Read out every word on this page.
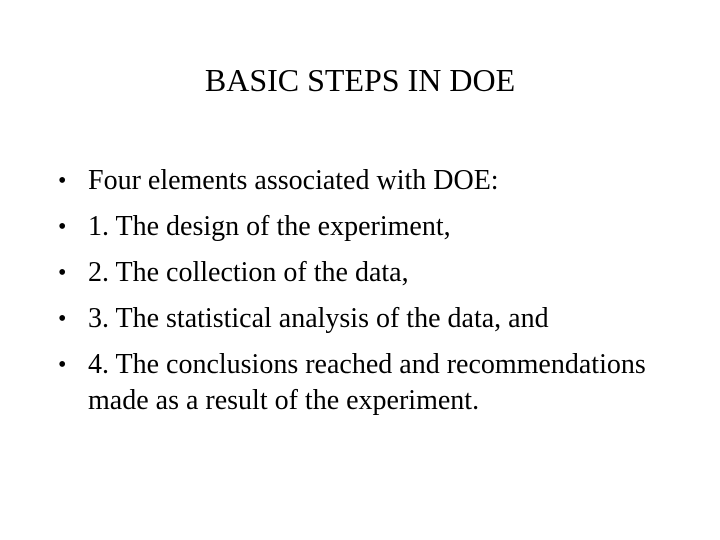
BASIC STEPS IN DOE
• Four elements associated with DOE:
• 1. The design of the experiment,
• 2. The collection of the data,
• 3. The statistical analysis of the data, and
• 4. The conclusions reached and recommendations made as a result of the experiment.
